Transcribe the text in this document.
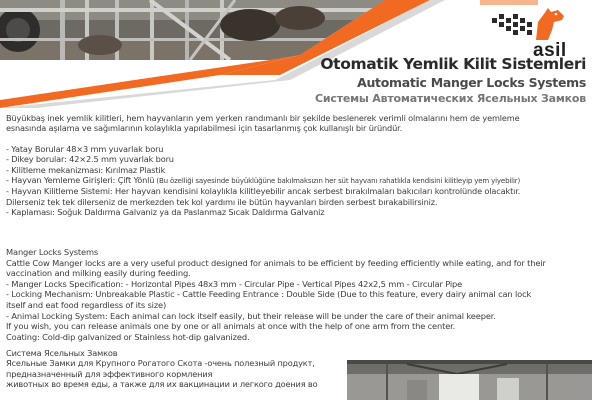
asil
Otomatik Yemlik Kilit Sistemleri
Automatic Manger Locks Systems
Системы Автоматических Ясельных Замков

Büyükbaş inek yemlik kilitleri, hem hayvanların yem yerken randımanlı bir şekilde beslenerek verimli olmalarını hem de yemleme

esnasında aşılama ve sağımlarının kolaylıkla yapılabilmesi için tasarlanmış çok kullanışlı bir üründür.

- Yatay Borular 48×3 mm yuvarlak boru

- Dikey borular: 42×2.5 mm yuvarlak boru

- Kilitleme mekanizması: Kırılmaz Plastik

- Hayvan Yemleme Girişleri: Çift Yönlü (Bu özelliği sayesinde büyüklüğüne bakılmaksızın her süt hayvanı rahatlıkla kendisini kilitleyip yem yiyebilir)

- Hayvan Kilitleme Sistemi: Her hayvan kendisini kolaylıkla kilitleyebilir ancak serbest bırakılmaları bakıcıları kontrolünde olacaktır.

Dilerseniz tek tek dilerseniz de merkezden tek kol yardımı ile bütün hayvanları birden serbest bırakabilirsiniz.

- Kaplaması: Soğuk Daldırma Galvaniz ya da Paslanmaz Sıcak Daldırma Galvaniz

Manger Locks Systems

Cattle Cow Manger locks are a very useful product designed for animals to be efficient by feeding efficiently while eating, and for their

vaccination and milking easily during feeding.

- Manger Locks Specification: - Horizontal Pipes 48x3 mm - Circular Pipe - Vertical Pipes 42x2,5 mm - Circular Pipe

- Locking Mechanism: Unbreakable Plastic - Cattle Feeding Entrance : Double Side (Due to this feature, every dairy animal can lock

itself and eat food regardless of its size)

- Animal Locking System: Each animal can lock itself easily, but their release will be under the care of their animal keeper.

If you wish, you can release animals one by one or all animals at once with the help of one arm from the center.

Coating: Cold-dip galvanized or Stainless hot-dip galvanized.

Система Ясельных Замков

Ясельные Замки для Крупного Рогатого Скота -очень полезный продукт,

предназначенный для эффективного кормления

животных во время еды, а также для их вакцинации и легкого доения во
